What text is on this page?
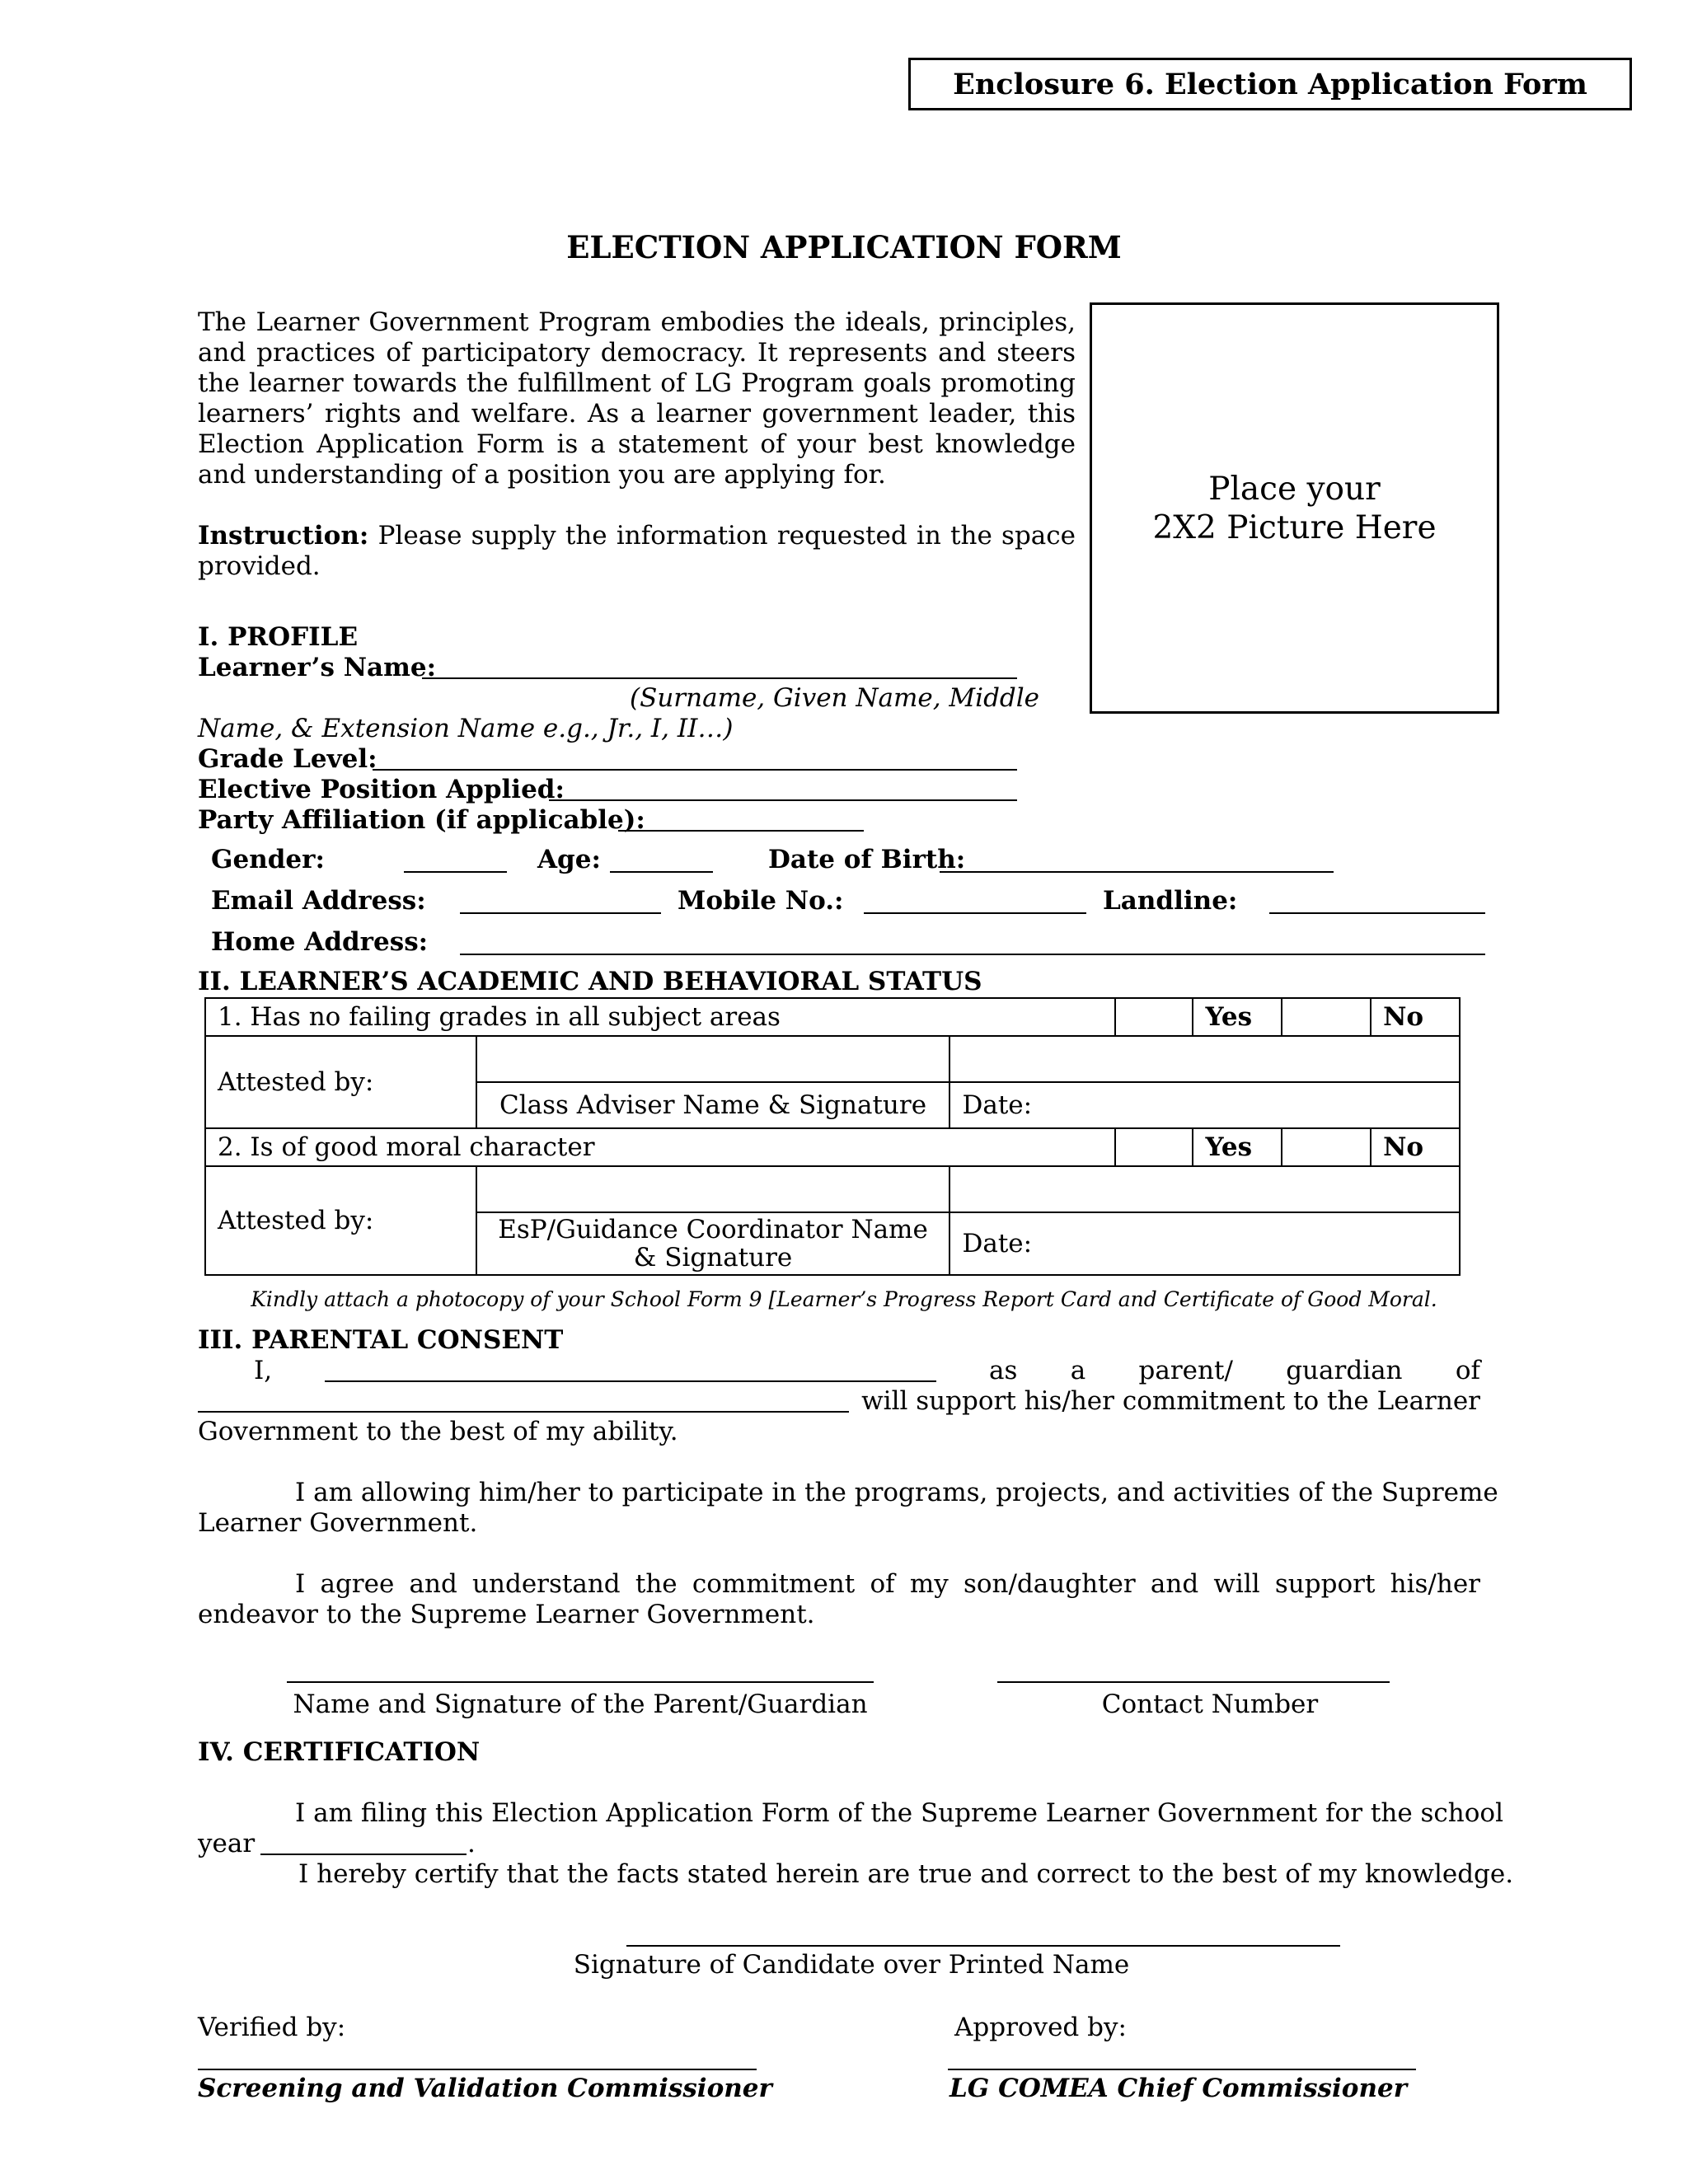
Enclosure 6. Election Application Form
ELECTION APPLICATION FORM
The Learner Government Program embodies the ideals, principles, and practices of participatory democracy. It represents and steers the learner towards the fulfillment of LG Program goals promoting learners’ rights and welfare. As a learner government leader, this Election Application Form is a statement of your best knowledge and understanding of a position you are applying for.
Instruction: Please supply the information requested in the space provided.
Place your
2X2 Picture Here
I. PROFILE
Learner’s Name:
(Surname, Given Name, Middle
Name, & Extension Name e.g., Jr., I, II…)
Grade Level:
Elective Position Applied:
Party Affiliation (if applicable):
Gender:	Age:	Date of Birth:
Email Address:	Mobile No.:	Landline:
Home Address:
II. LEARNER’S ACADEMIC AND BEHAVIORAL STATUS
1. Has no failing grades in all subject areas				Yes		No
Attested by:						
	Class Adviser Name & Signature	Date:				
2. Is of good moral character				Yes		No
Attested by:						

	EsP/Guidance Coordinator Name
& Signature	Date:				
Kindly attach a photocopy of your School Form 9 [Learner’s Progress Report Card and Certificate of Good Moral.
III. PARENTAL CONSENT
I,	as a parent/ guardian of
will support his/her commitment to the Learner
Government to the best of my ability.
I am allowing him/her to participate in the programs, projects, and activities of the Supreme
Learner Government.
I agree and understand the commitment of my son/daughter and will support his/her
endeavor to the Supreme Learner Government.
Name and Signature of the Parent/Guardian	Contact Number
IV. CERTIFICATION
I am filing this Election Application Form of the Supreme Learner Government for the school
year	.
I hereby certify that the facts stated herein are true and correct to the best of my knowledge.
Signature of Candidate over Printed Name
Verified by:	Approved by:
Screening and Validation Commissioner	LG COMEA Chief Commissioner
